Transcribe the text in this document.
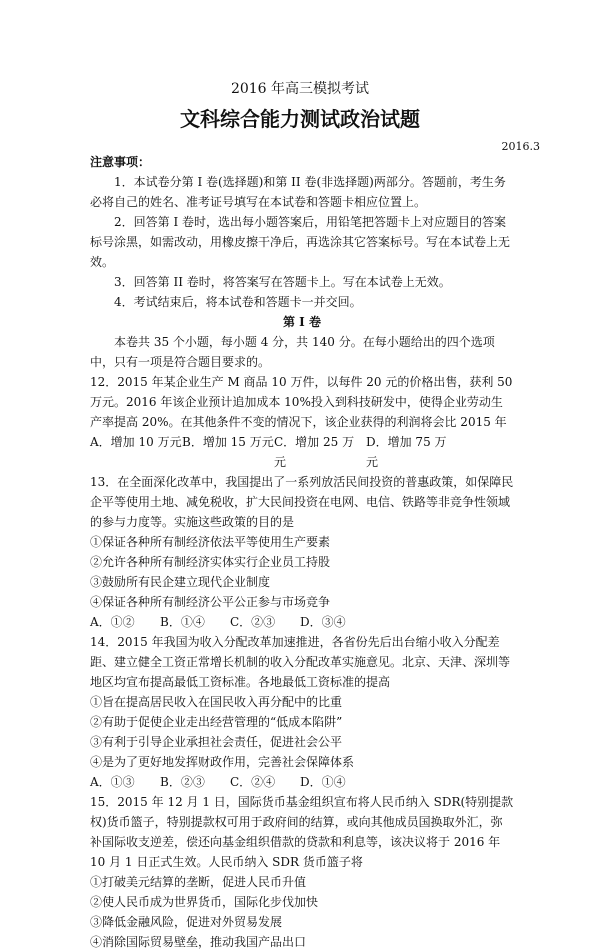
2016 年高三模拟考试
文科综合能力测试政治试题
2016.3

注意事项：

1．本试卷分第 I 卷(选择题)和第 II 卷(非选择题)两部分。答题前，考生务必将自己的姓名、准考证号填写在本试卷和答题卡相应位置上。

2．回答第 I 卷时，选出每小题答案后，用铅笔把答题卡上对应题目的答案标号涂黑，如需改动，用橡皮擦干净后，再选涂其它答案标号。写在本试卷上无效。

3．回答第 II 卷时，将答案写在答题卡上。写在本试卷上无效。

4．考试结束后，将本试卷和答题卡一并交回。

第 Ⅰ 卷

本卷共 35 个小题，每小题 4 分，共 140 分。在每小题给出的四个选项中，只有一项是符合题目要求的。

12．2015 年某企业生产 M 商品 10 万件，以每件 20 元的价格出售，获利 50 万元。2016 年该企业预计追加成本 10%投入到科技研发中，使得企业劳动生产率提高 20%。在其他条件不变的情况下，该企业获得的利润将会比 2015 年

A．增加 10 万元 B．增加 15 万元 C．增加 25 万元
D．增加 75 万元

13．在全面深化改革中，我国提出了一系列放活民间投资的普惠政策，如保障民企平等使用土地、减免税收，扩大民间投资在电网、电信、铁路等非竞争性领域的参与力度等。实施这些政策的目的是

①保证各种所有制经济依法平等使用生产要素

②允许各种所有制经济实体实行企业员工持股

③鼓励所有民企建立现代企业制度

④保证各种所有制经济公平公正参与市场竞争

A．①②	B．①④	C．②③	D．③④

14．2015 年我国为收入分配改革加速推进，各省份先后出台缩小收入分配差距、建立健全工资正常增长机制的收入分配改革实施意见。北京、天津、深圳等地区均宣布提高最低工资标准。各地最低工资标准的提高

①旨在提高居民收入在国民收入再分配中的比重

②有助于促使企业走出经营管理的“低成本陷阱”

③有利于引导企业承担社会责任，促进社会公平

④是为了更好地发挥财政作用，完善社会保障体系

A．①③	B．②③	C．②④	D．①④

15．2015 年 12 月 1 日，国际货币基金组织宣布将人民币纳入 SDR(特别提款权)货币篮子，特别提款权可用于政府间的结算，或向其他成员国换取外汇，弥补国际收支逆差，偿还向基金组织借款的贷款和利息等，该决议将于 2016 年 10 月 1 日正式生效。人民币纳入 SDR 货币篮子将

①打破美元结算的垄断，促进人民币升值

②使人民币成为世界货币，国际化步伐加快

③降低金融风险，促进对外贸易发展

④消除国际贸易壁垒，推动我国产品出口
